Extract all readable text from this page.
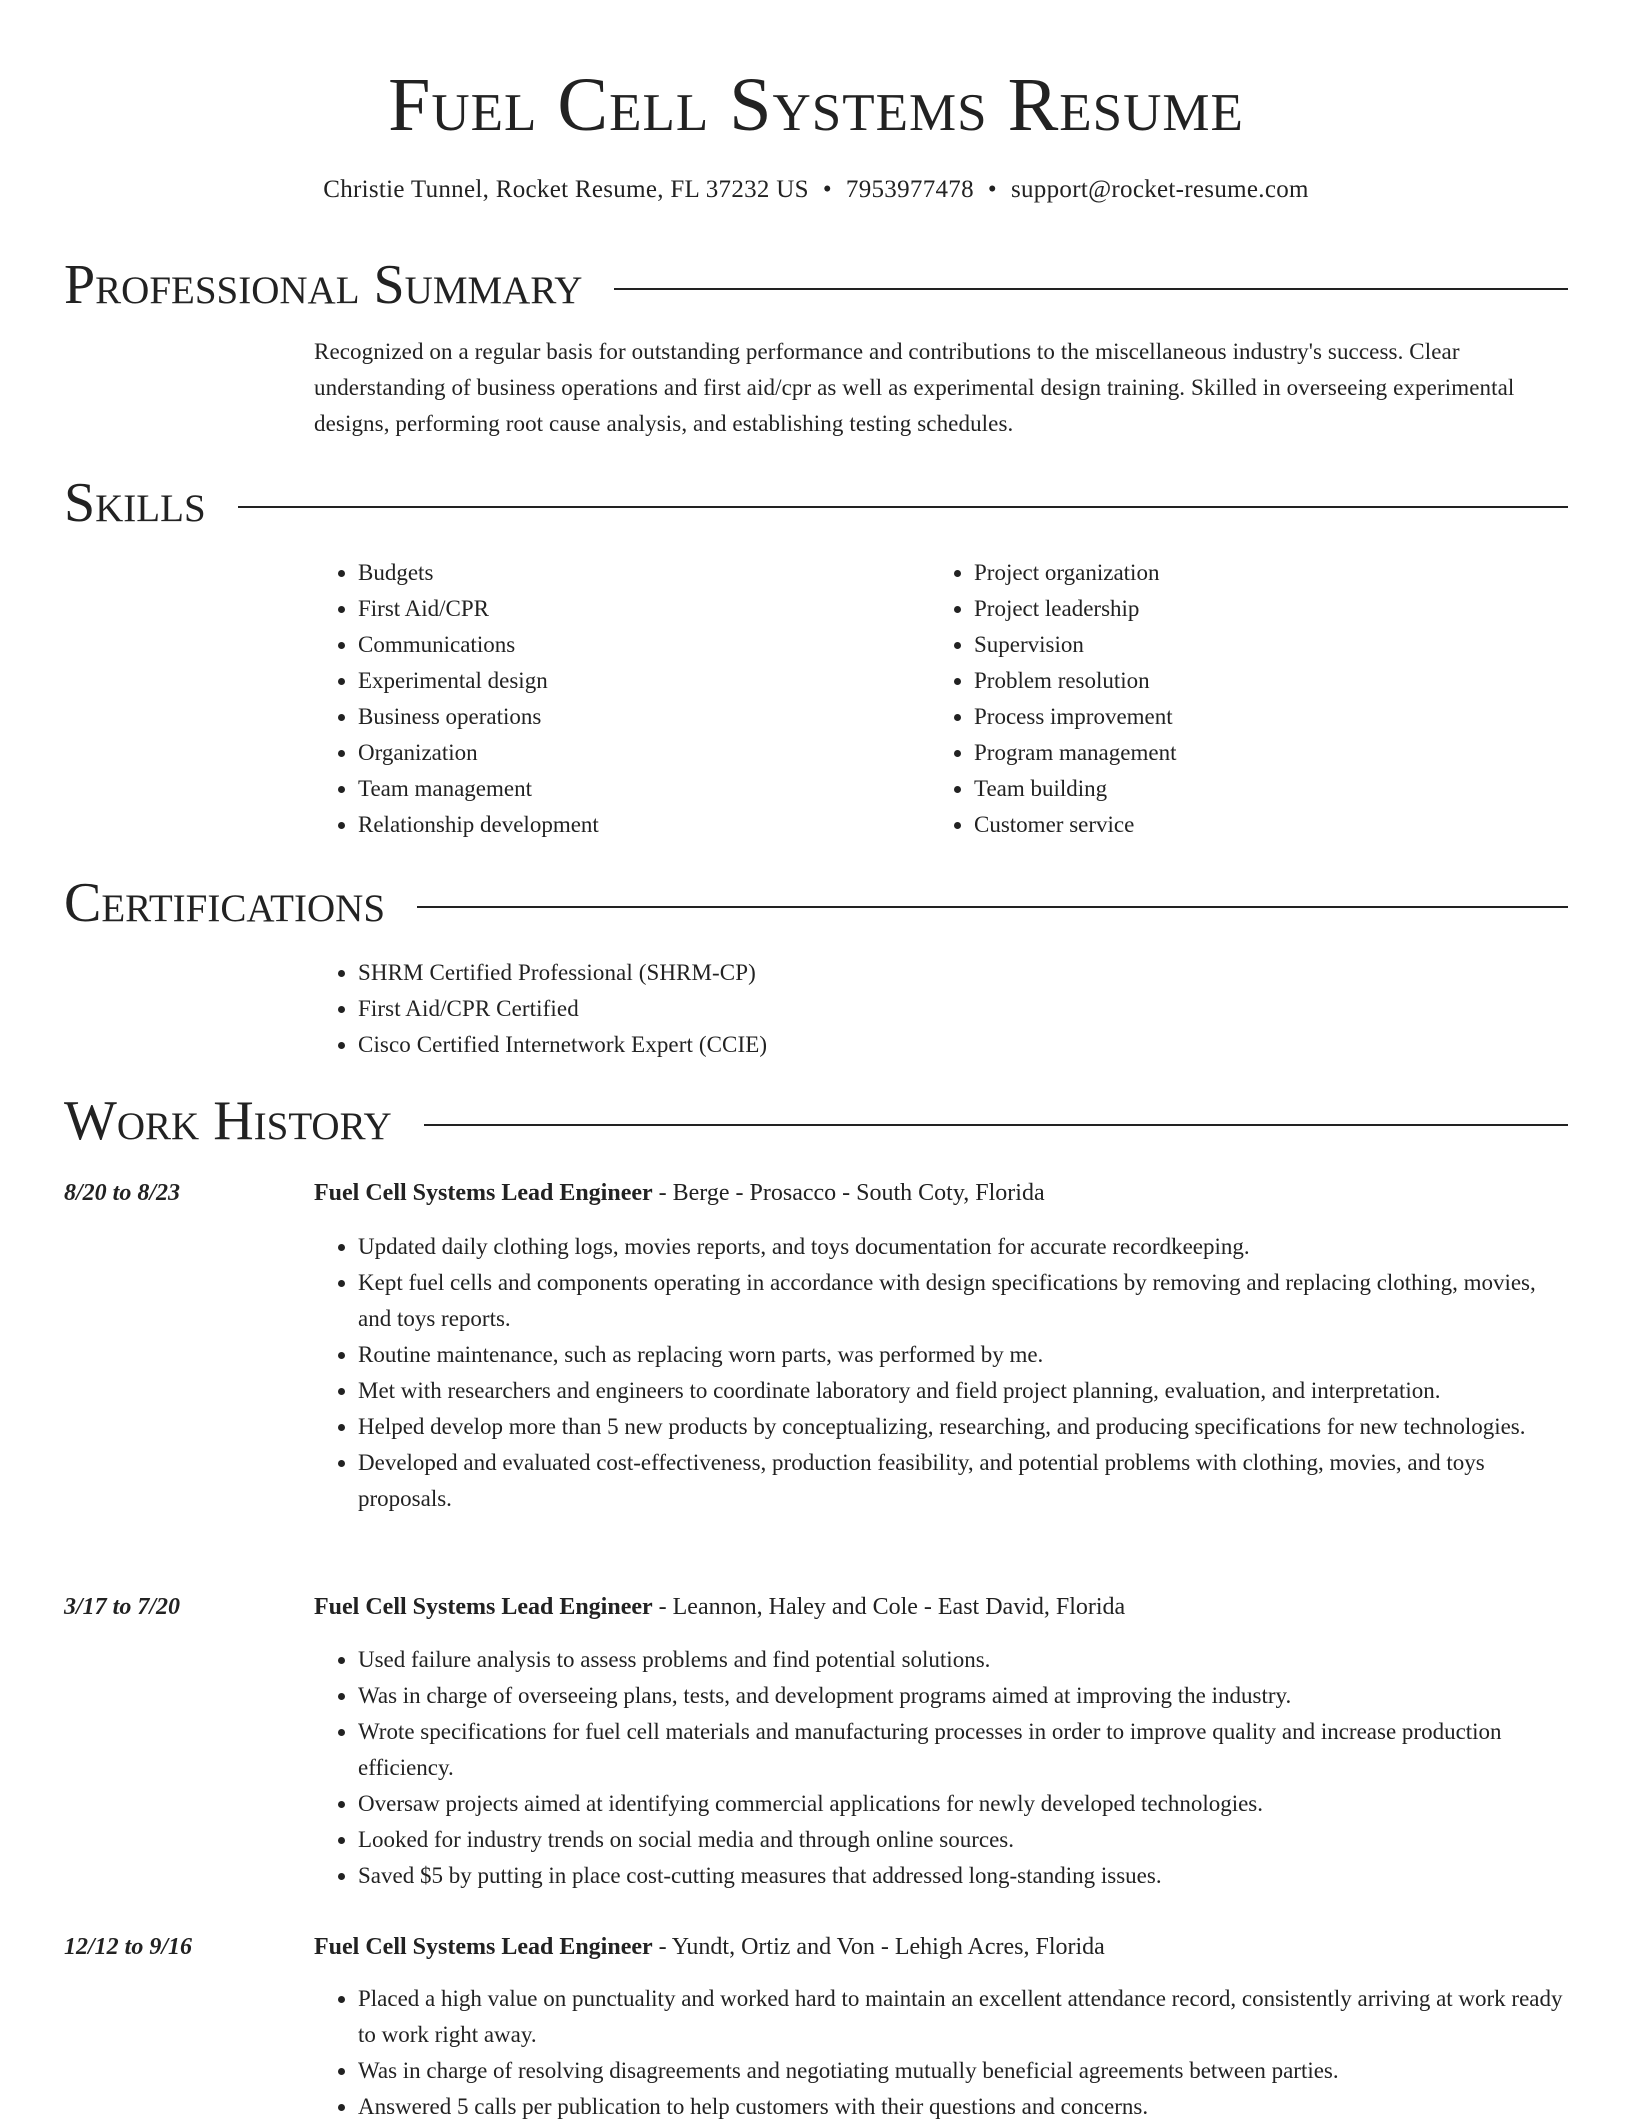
Fuel Cell Systems Resume
Christie Tunnel, Rocket Resume, FL 37232 US • 7953977478 • support@rocket-resume.com
Professional Summary
Recognized on a regular basis for outstanding performance and contributions to the miscellaneous industry's success. Clear understanding of business operations and first aid/cpr as well as experimental design training. Skilled in overseeing experimental designs, performing root cause analysis, and establishing testing schedules.
Skills
• Budgets
• First Aid/CPR
• Communications
• Experimental design
• Business operations
• Organization
• Team management
• Relationship development
• Project organization
• Project leadership
• Supervision
• Problem resolution
• Process improvement
• Program management
• Team building
• Customer service
Certifications
• SHRM Certified Professional (SHRM-CP)
• First Aid/CPR Certified
• Cisco Certified Internetwork Expert (CCIE)
Work History
8/20 to 8/23	Fuel Cell Systems Lead Engineer - Berge - Prosacco - South Coty, Florida
• Updated daily clothing logs, movies reports, and toys documentation for accurate recordkeeping.
• Kept fuel cells and components operating in accordance with design specifications by removing and replacing clothing, movies, and toys reports.
• Routine maintenance, such as replacing worn parts, was performed by me.
• Met with researchers and engineers to coordinate laboratory and field project planning, evaluation, and interpretation.
• Helped develop more than 5 new products by conceptualizing, researching, and producing specifications for new technologies.
• Developed and evaluated cost-effectiveness, production feasibility, and potential problems with clothing, movies, and toys proposals.
3/17 to 7/20	Fuel Cell Systems Lead Engineer - Leannon, Haley and Cole - East David, Florida
• Used failure analysis to assess problems and find potential solutions.
• Was in charge of overseeing plans, tests, and development programs aimed at improving the industry.
• Wrote specifications for fuel cell materials and manufacturing processes in order to improve quality and increase production efficiency.
• Oversaw projects aimed at identifying commercial applications for newly developed technologies.
• Looked for industry trends on social media and through online sources.
• Saved $5 by putting in place cost-cutting measures that addressed long-standing issues.
12/12 to 9/16	Fuel Cell Systems Lead Engineer - Yundt, Ortiz and Von - Lehigh Acres, Florida
• Placed a high value on punctuality and worked hard to maintain an excellent attendance record, consistently arriving at work ready to work right away.
• Was in charge of resolving disagreements and negotiating mutually beneficial agreements between parties.
• Answered 5 calls per publication to help customers with their questions and concerns.
